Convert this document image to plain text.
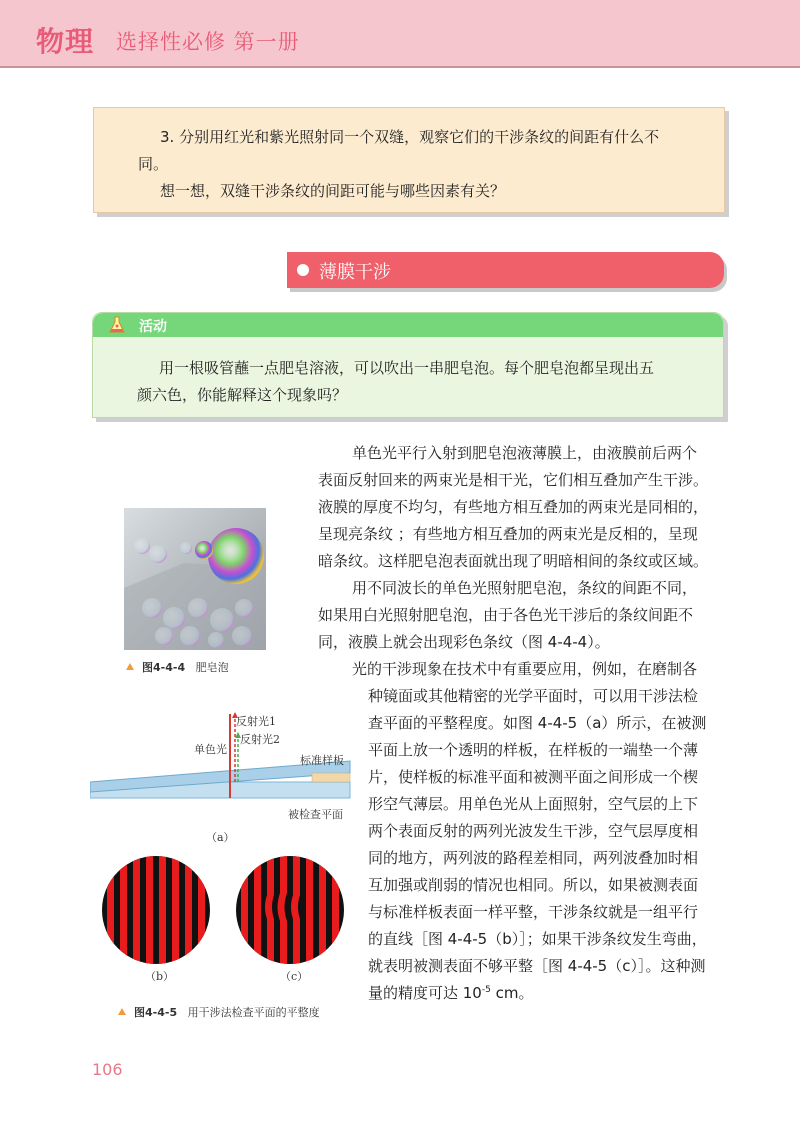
物理 选择性必修 第一册
3. 分别用红光和紫光照射同一个双缝，观察它们的干涉条纹的间距有什么不
同。
想一想，双缝干涉条纹的间距可能与哪些因素有关？
薄膜干涉
活动
用一根吸管蘸一点肥皂溶液，可以吹出一串肥皂泡。每个肥皂泡都呈现出五
颜六色，你能解释这个现象吗？
单色光平行入射到肥皂泡液薄膜上，由液膜前后两个
表面反射回来的两束光是相干光，它们相互叠加产生干涉。
液膜的厚度不均匀，有些地方相互叠加的两束光是同相的，
呈现亮条纹 ；有些地方相互叠加的两束光是反相的，呈现
暗条纹。这样肥皂泡表面就出现了明暗相间的条纹或区域。
用不同波长的单色光照射肥皂泡，条纹的间距不同，
如果用白光照射肥皂泡，由于各色光干涉后的条纹间距不
同，液膜上就会出现彩色条纹（图 4-4-4）。
光的干涉现象在技术中有重要应用，例如，在磨制各
种镜面或其他精密的光学平面时，可以用干涉法检
查平面的平整程度。如图 4-4-5（a）所示，在被测
平面上放一个透明的样板，在样板的一端垫一个薄
片，使样板的标准平面和被测平面之间形成一个楔
形空气薄层。用单色光从上面照射，空气层的上下
两个表面反射的两列光波发生干涉，空气层厚度相
同的地方，两列波的路程差相同，两列波叠加时相
互加强或削弱的情况也相同。所以，如果被测表面
与标准样板表面一样平整，干涉条纹就是一组平行
的直线［图 4-4-5（b）］；如果干涉条纹发生弯曲，
就表明被测表面不够平整［图 4-4-5（c）］。这种测
量的精度可达 $10^{-5}$ cm。
图4-4-4 肥皂泡
反射光1
反射光2
单色光
标准样板
被检查平面
（a）
（b）	（c）
图4-4-5 用干涉法检查平面的平整度
106
